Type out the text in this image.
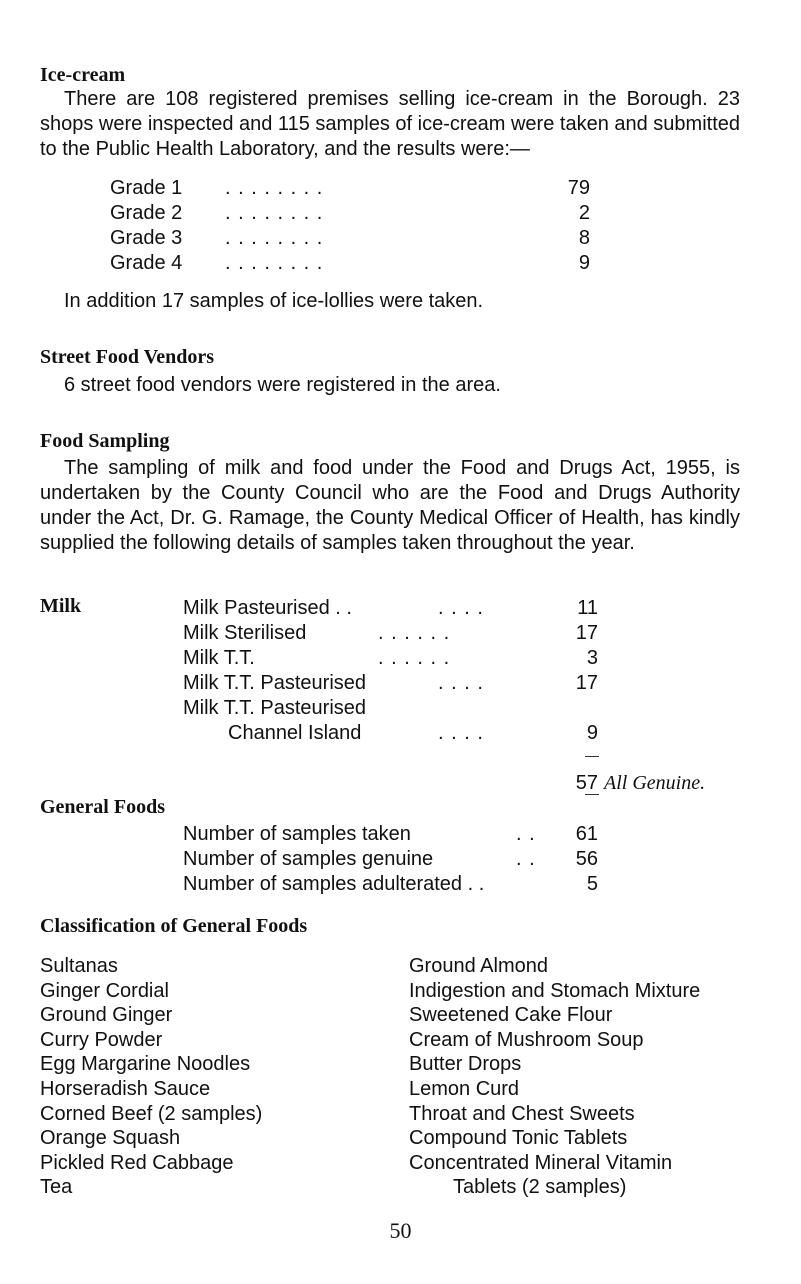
Ice-cream
There are 108 registered premises selling ice-cream in the Borough. 23 shops were inspected and 115 samples of ice-cream were taken and submitted to the Public Health Laboratory, and the results were:—
Grade 1 . . . . . . . .	79
Grade 2 . . . . . . . .	2
Grade 3 . . . . . . . .	8
Grade 4 . . . . . . . .	9
In addition 17 samples of ice-lollies were taken.
Street Food Vendors
6 street food vendors were registered in the area.
Food Sampling
The sampling of milk and food under the Food and Drugs Act, 1955, is undertaken by the County Council who are the Food and Drugs Authority under the Act, Dr. G. Ramage, the County Medical Officer of Health, has kindly supplied the following details of samples taken throughout the year.
Milk	Milk Pasteurised . .	. . . .	11
Milk Sterilised	. . . . . .	17
Milk T.T.	. . . . . .	3
Milk T.T. Pasteurised	. . . .	17
Milk T.T. Pasteurised
Channel Island	. . . .	9
57 All Genuine.
General Foods
Number of samples taken	. .	61
Number of samples genuine	. .	56
Number of samples adulterated . .	5
Classification of General Foods
Sultanas
Ginger Cordial
Ground Ginger
Curry Powder
Egg Margarine Noodles
Horseradish Sauce
Corned Beef (2 samples)
Orange Squash
Pickled Red Cabbage
Tea
Ground Almond
Indigestion and Stomach Mixture
Sweetened Cake Flour
Cream of Mushroom Soup
Butter Drops
Lemon Curd
Throat and Chest Sweets
Compound Tonic Tablets
Concentrated Mineral Vitamin
Tablets (2 samples)
50
